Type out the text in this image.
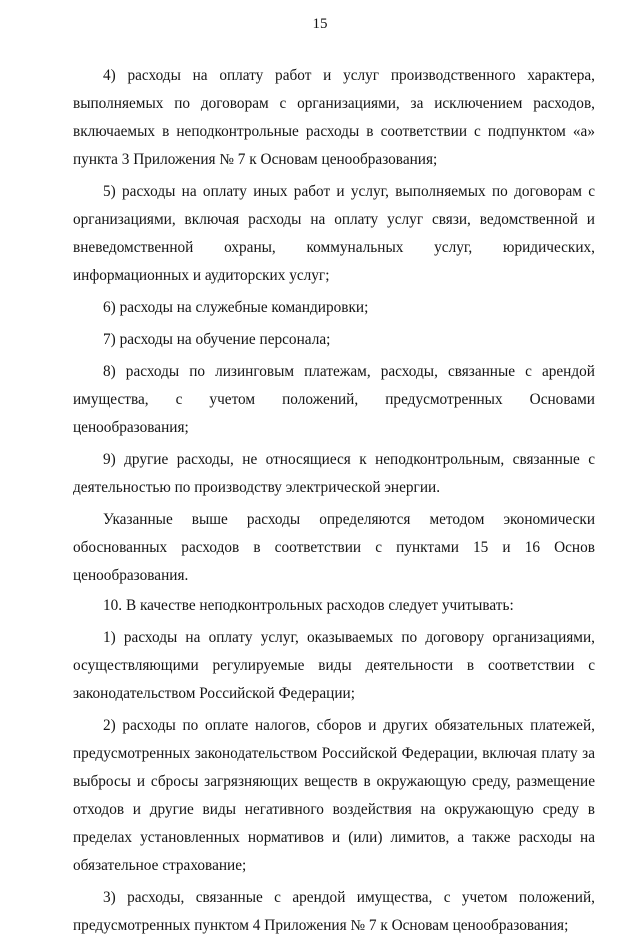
15

4) расходы на оплату работ и услуг производственного характера, выполняемых по договорам с организациями, за исключением расходов, включаемых в неподконтрольные расходы в соответствии с подпунктом «а» пункта 3 Приложения № 7 к Основам ценообразования;

5) расходы на оплату иных работ и услуг, выполняемых по договорам с организациями, включая расходы на оплату услуг связи, ведомственной и вневедомственной охраны, коммунальных услуг, юридических, информационных и аудиторских услуг;

6) расходы на служебные командировки;

7) расходы на обучение персонала;

8) расходы по лизинговым платежам, расходы, связанные с арендой имущества, с учетом положений, предусмотренных Основами ценообразования;

9) другие расходы, не относящиеся к неподконтрольным, связанные с деятельностью по производству электрической энергии.

Указанные выше расходы определяются методом экономически обоснованных расходов в соответствии с пунктами 15 и 16 Основ ценообразования.

10. В качестве неподконтрольных расходов следует учитывать:

1) расходы на оплату услуг, оказываемых по договору организациями, осуществляющими регулируемые виды деятельности в соответствии с законодательством Российской Федерации;

2) расходы по оплате налогов, сборов и других обязательных платежей, предусмотренных законодательством Российской Федерации, включая плату за выбросы и сбросы загрязняющих веществ в окружающую среду, размещение отходов и другие виды негативного воздействия на окружающую среду в пределах установленных нормативов и (или) лимитов, а также расходы на обязательное страхование;

3) расходы, связанные с арендой имущества, с учетом положений, предусмотренных пунктом 4 Приложения № 7 к Основам ценообразования;
